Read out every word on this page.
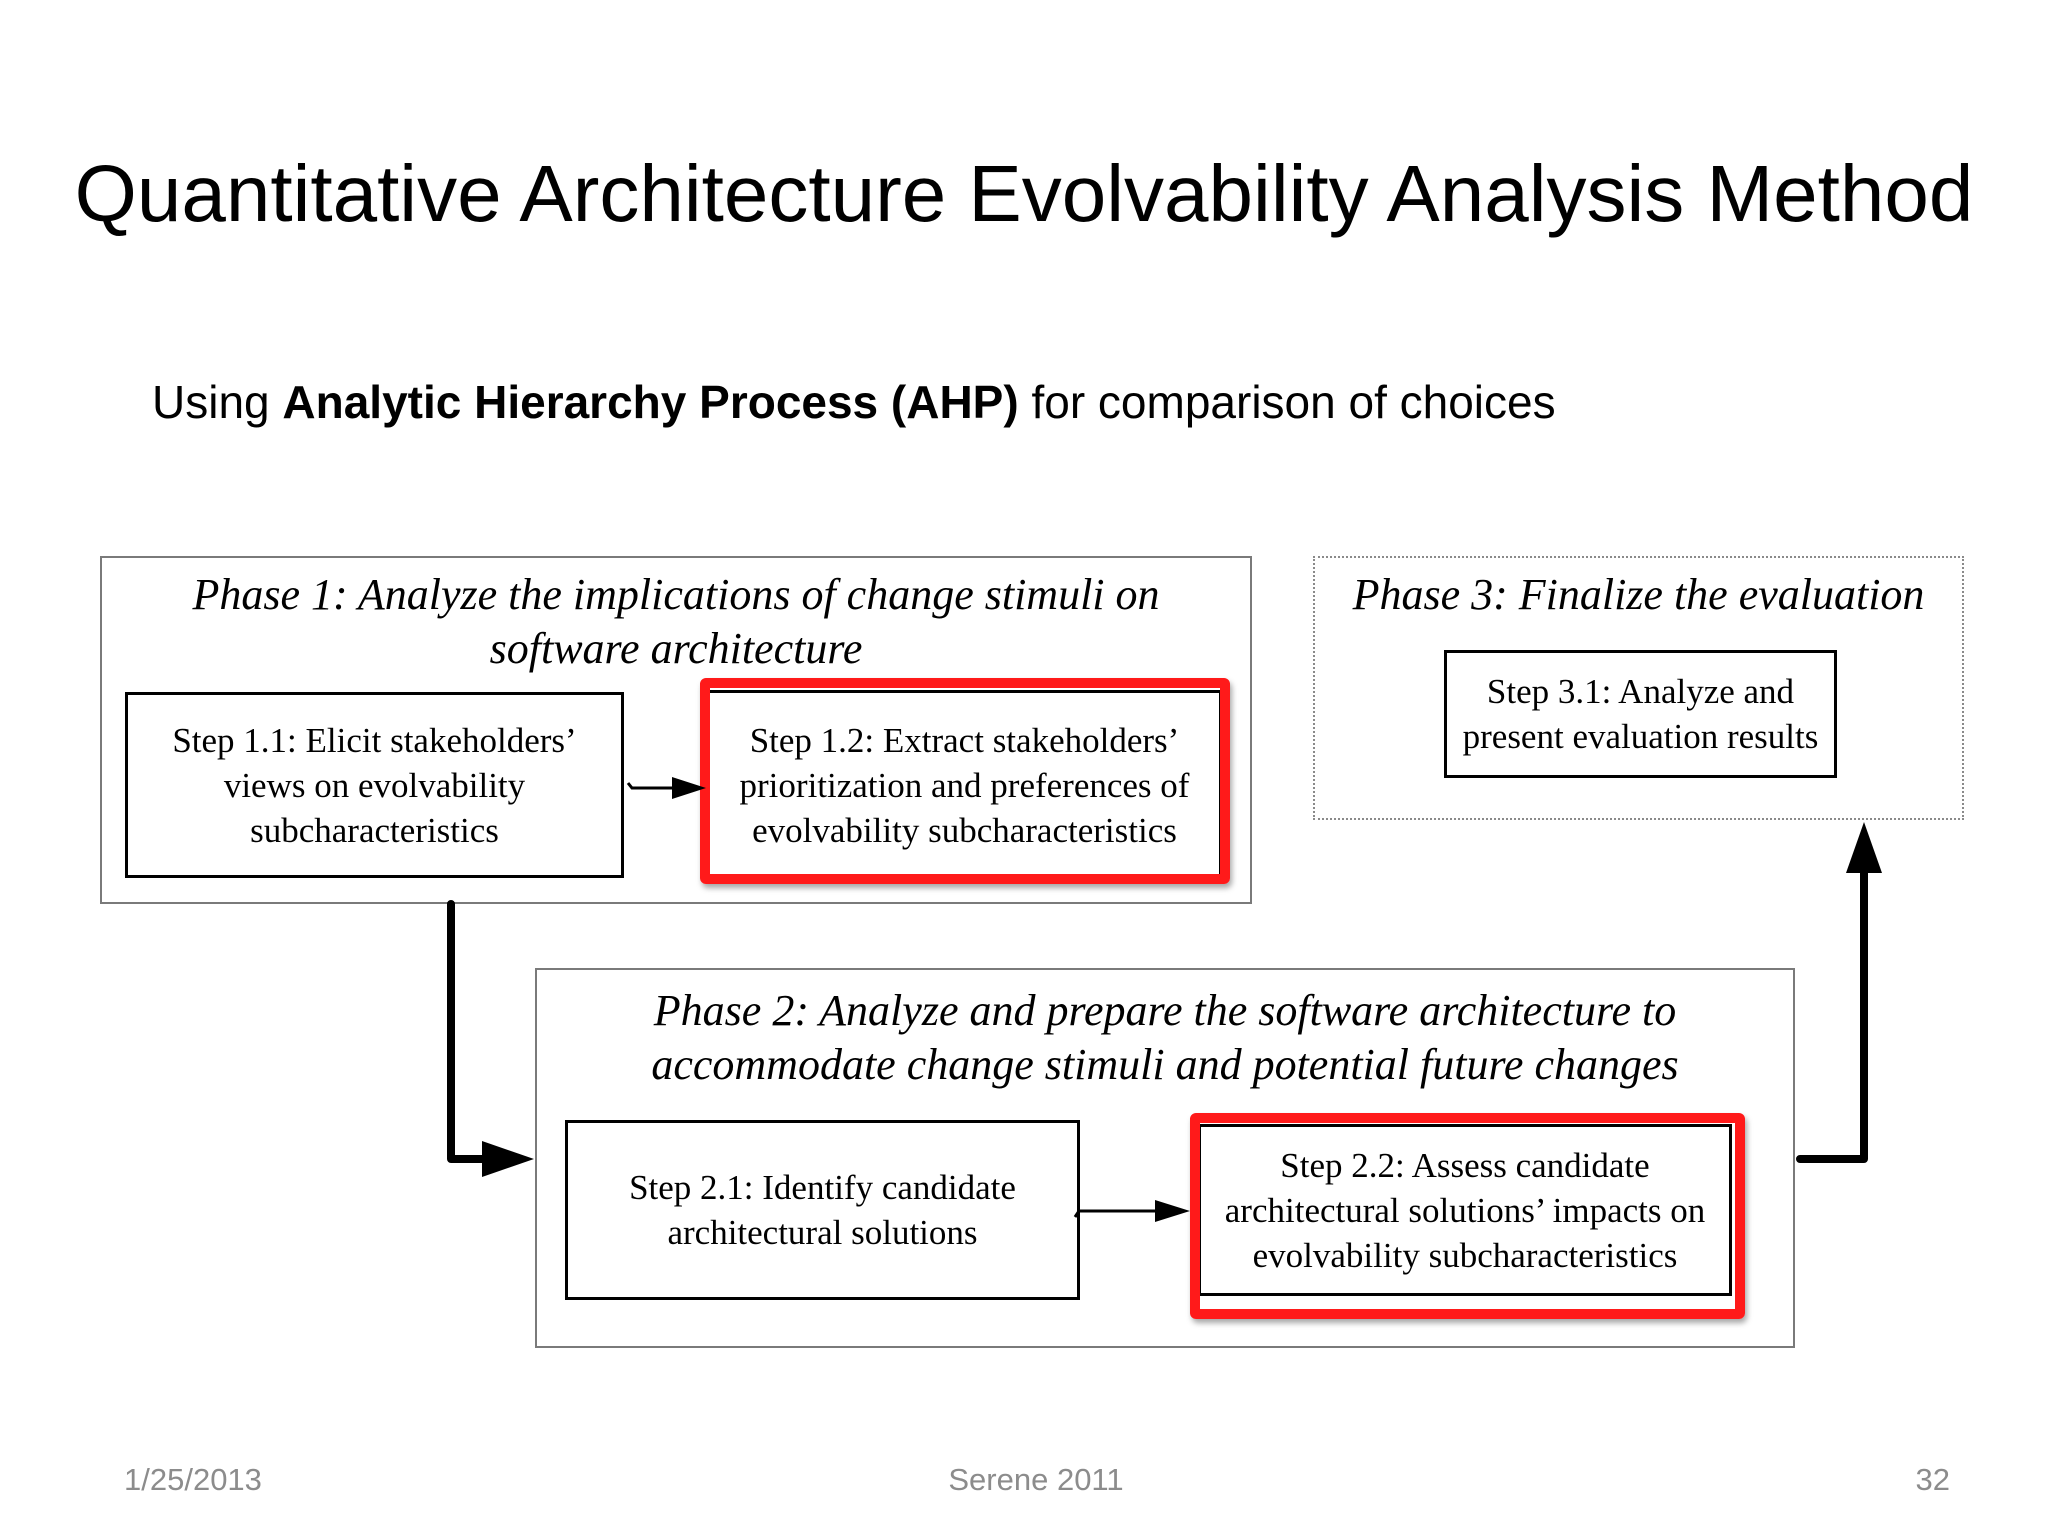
Quantitative Architecture Evolvability Analysis Method
Using Analytic Hierarchy Process (AHP) for comparison of choices
Phase 1: Analyze the implications of change stimuli on
software architecture
Step 1.1: Elicit stakeholders’
views on evolvability
subcharacteristics
Step 1.2: Extract stakeholders’
prioritization and preferences of
evolvability subcharacteristics
Phase 3: Finalize the evaluation
Step 3.1: Analyze and
present evaluation results
Phase 2: Analyze and prepare the software architecture to
accommodate change stimuli and potential future changes
Step 2.1: Identify candidate
architectural solutions
Step 2.2: Assess candidate
architectural solutions’ impacts on
evolvability subcharacteristics
1/25/2013	Serene 2011	32
